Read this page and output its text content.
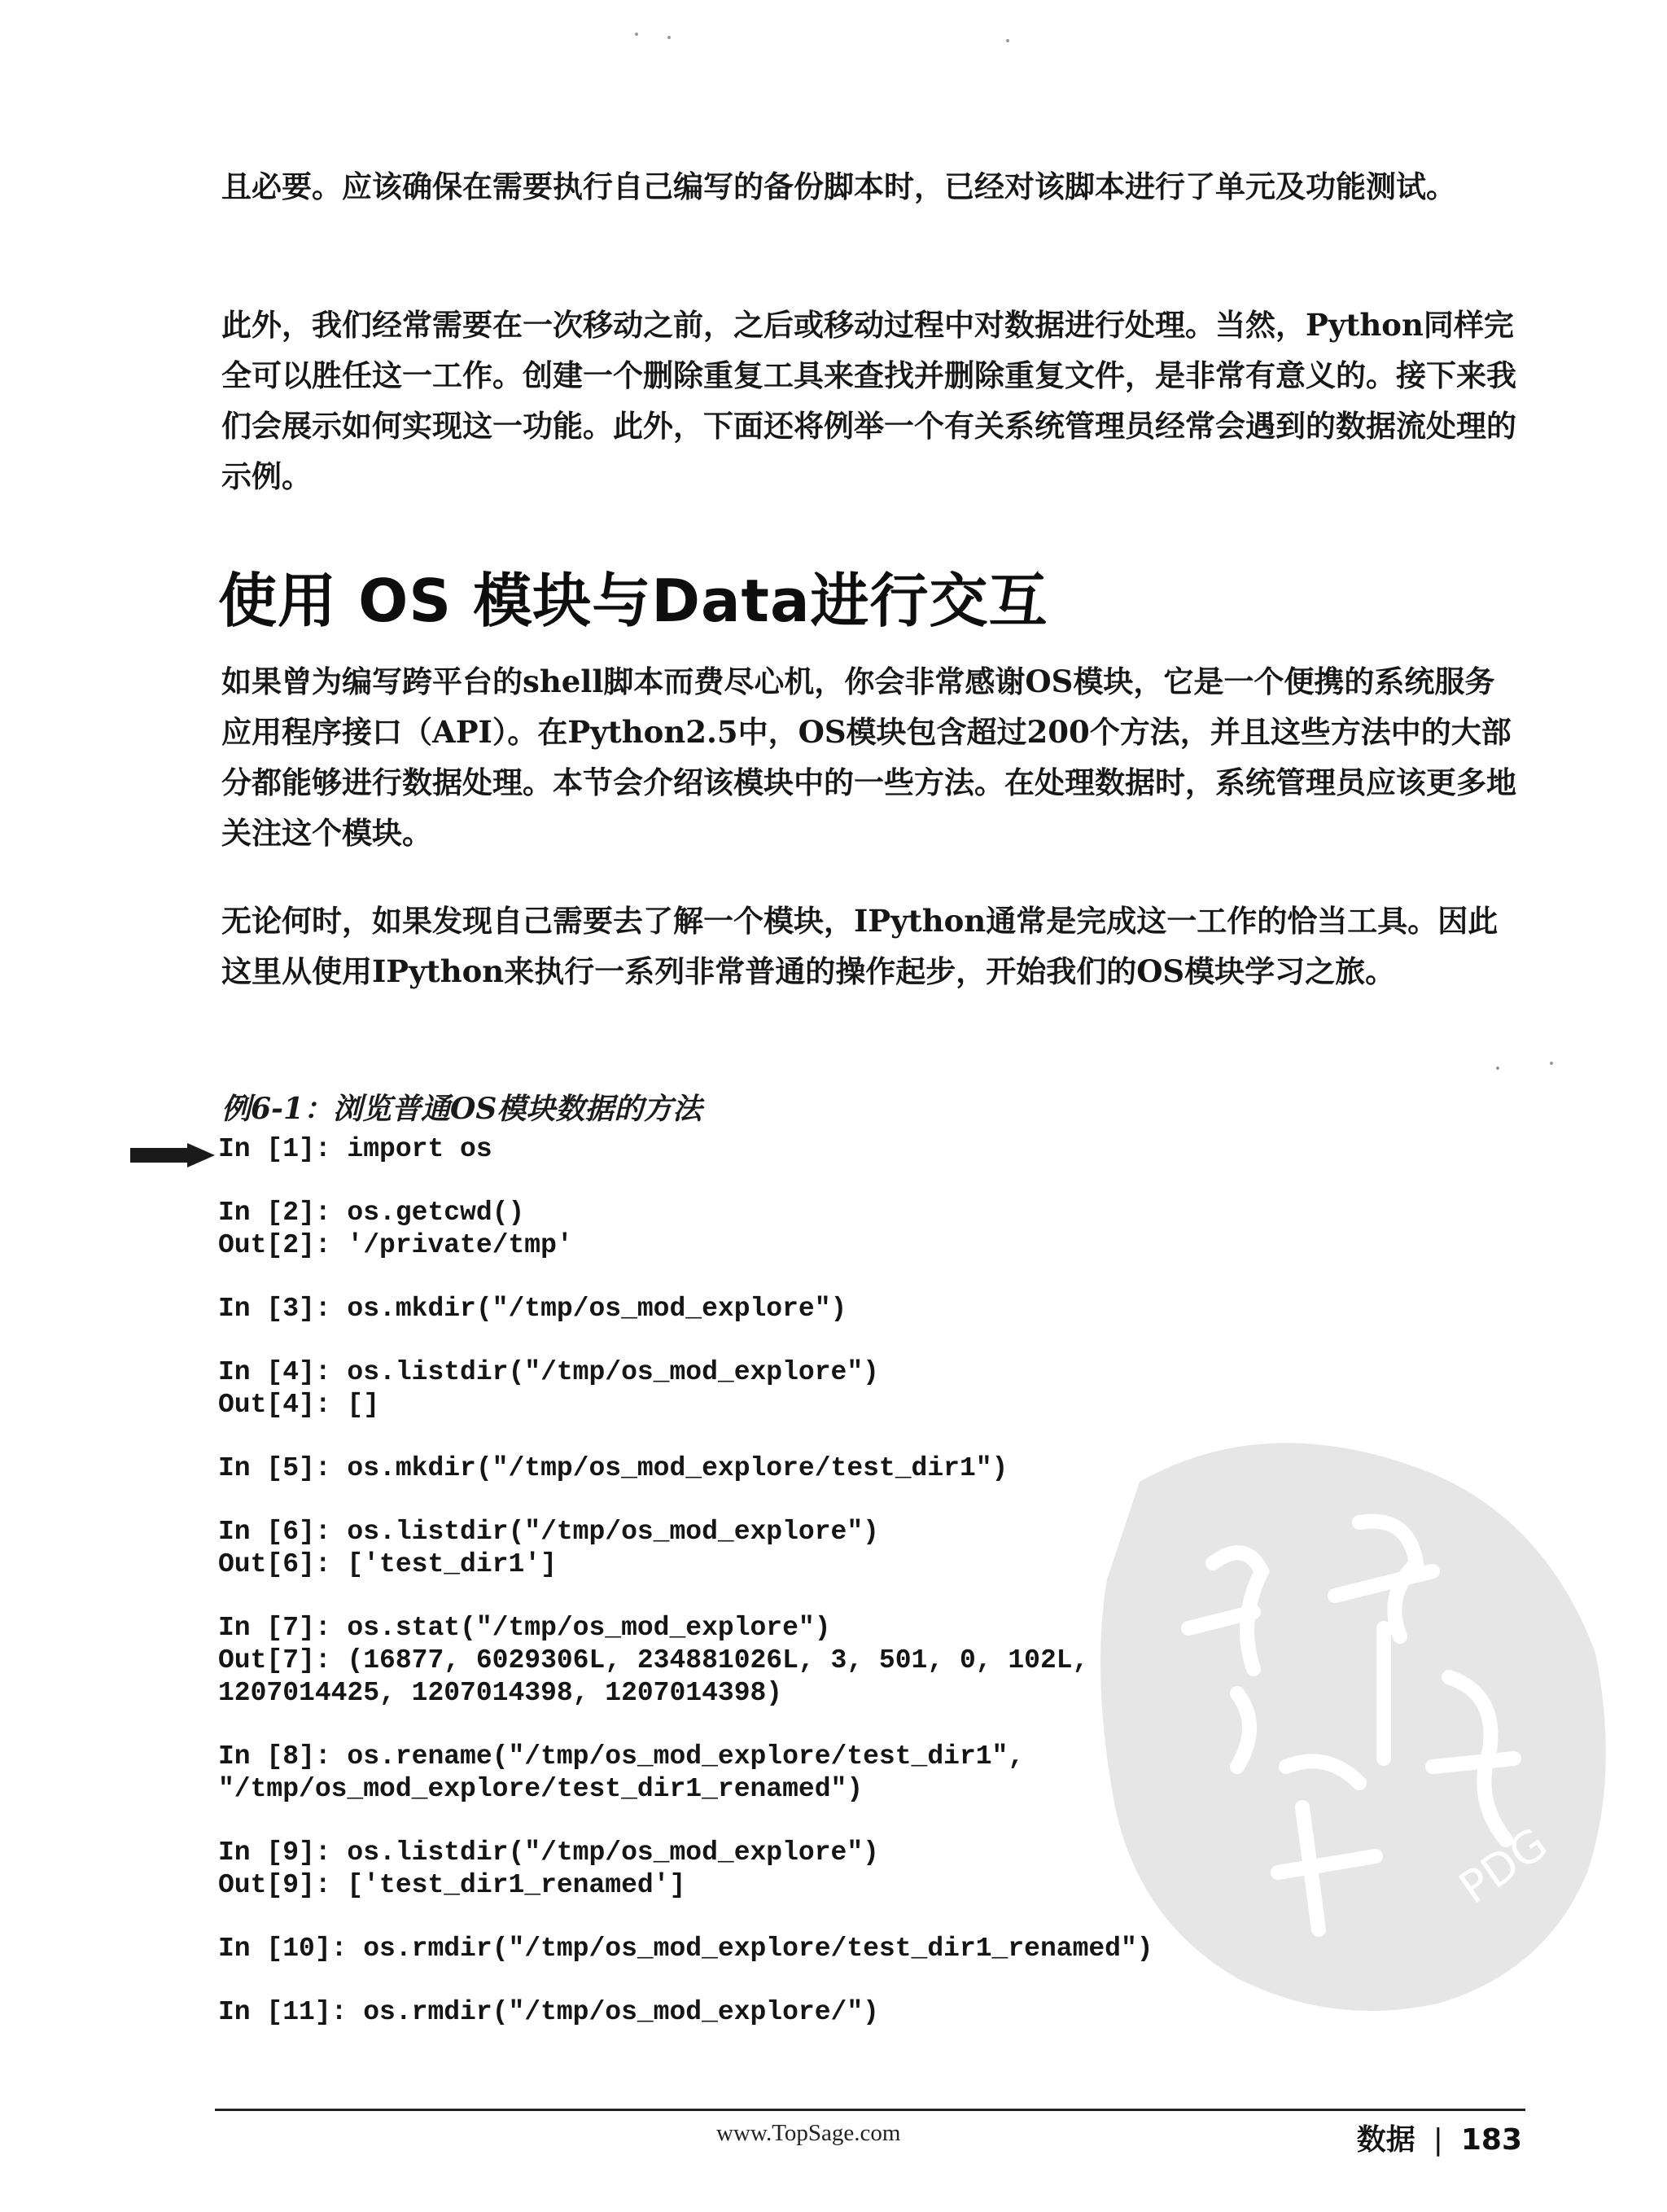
且必要。应该确保在需要执行自己编写的备份脚本时，已经对该脚本进行了单元及功能测试。

此外，我们经常需要在一次移动之前，之后或移动过程中对数据进行处理。当然，Python同样完全可以胜任这一工作。创建一个删除重复工具来查找并删除重复文件，是非常有意义的。接下来我们会展示如何实现这一功能。此外，下面还将例举一个有关系统管理员经常会遇到的数据流处理的示例。

使用 OS 模块与Data进行交互

如果曾为编写跨平台的shell脚本而费尽心机，你会非常感谢OS模块，它是一个便携的系统服务应用程序接口（API）。在Python2.5中，OS模块包含超过200个方法，并且这些方法中的大部分都能够进行数据处理。本节会介绍该模块中的一些方法。在处理数据时，系统管理员应该更多地关注这个模块。

无论何时，如果发现自己需要去了解一个模块，IPython通常是完成这一工作的恰当工具。因此这里从使用IPython来执行一系列非常普通的操作起步，开始我们的OS模块学习之旅。

例6-1：浏览普通OS模块数据的方法

In [1]: import os
In [2]: os.getcwd()
Out[2]: '/private/tmp'
In [3]: os.mkdir("/tmp/os_mod_explore")
In [4]: os.listdir("/tmp/os_mod_explore")
Out[4]: []
In [5]: os.mkdir("/tmp/os_mod_explore/test_dir1")
In [6]: os.listdir("/tmp/os_mod_explore")
Out[6]: ['test_dir1']
In [7]: os.stat("/tmp/os_mod_explore")
Out[7]: (16877, 6029306L, 234881026L, 3, 501, 0, 102L,
1207014425, 1207014398, 1207014398)
In [8]: os.rename("/tmp/os_mod_explore/test_dir1",
"/tmp/os_mod_explore/test_dir1_renamed")
In [9]: os.listdir("/tmp/os_mod_explore")
Out[9]: ['test_dir1_renamed']
In [10]: os.rmdir("/tmp/os_mod_explore/test_dir1_renamed")
In [11]: os.rmdir("/tmp/os_mod_explore/")
PDG

www.TopSage.com	数据 | 183
